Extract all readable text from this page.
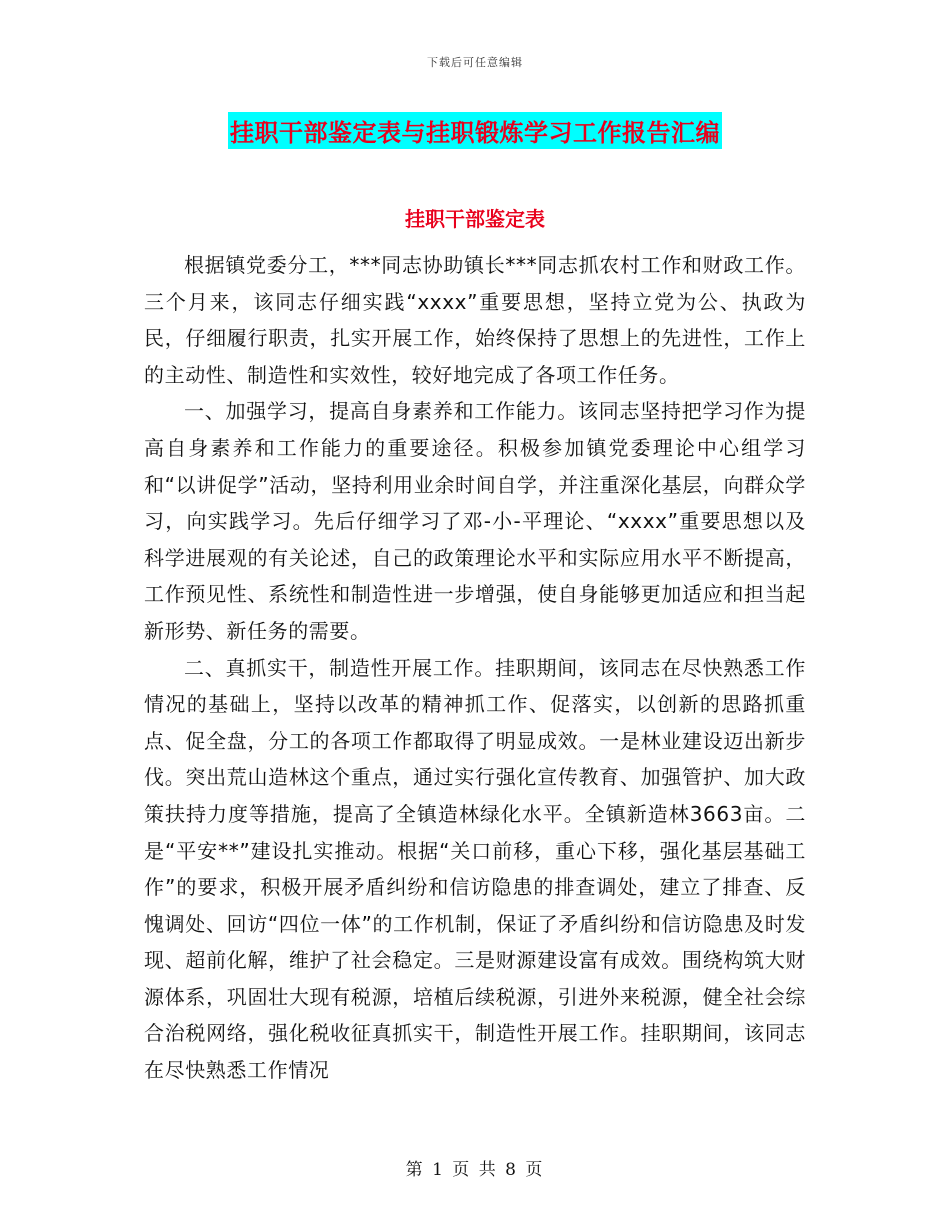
下载后可任意编辑
挂职干部鉴定表与挂职锻炼学习工作报告汇编
挂职干部鉴定表

根据镇党委分工，***同志协助镇长***同志抓农村工作和财政工作。三个月来，该同志仔细实践“xxxx”重要思想，坚持立党为公、执政为民，仔细履行职责，扎实开展工作，始终保持了思想上的先进性，工作上的主动性、制造性和实效性，较好地完成了各项工作任务。

一、加强学习，提高自身素养和工作能力。该同志坚持把学习作为提高自身素养和工作能力的重要途径。积极参加镇党委理论中心组学习和“以讲促学”活动，坚持利用业余时间自学，并注重深化基层，向群众学习，向实践学习。先后仔细学习了邓-小-平理论、“xxxx”重要思想以及科学进展观的有关论述，自己的政策理论水平和实际应用水平不断提高，工作预见性、系统性和制造性进一步增强，使自身能够更加适应和担当起新形势、新任务的需要。

二、真抓实干，制造性开展工作。挂职期间，该同志在尽快熟悉工作情况的基础上，坚持以改革的精神抓工作、促落实，以创新的思路抓重点、促全盘，分工的各项工作都取得了明显成效。一是林业建设迈出新步伐。突出荒山造林这个重点，通过实行强化宣传教育、加强管护、加大政策扶持力度等措施，提高了全镇造林绿化水平。全镇新造林3663亩。二是“平安**”建设扎实推动。根据“关口前移，重心下移，强化基层基础工作”的要求，积极开展矛盾纠纷和信访隐患的排查调处，建立了排查、反愧调处、回访“四位一体”的工作机制，保证了矛盾纠纷和信访隐患及时发现、超前化解，维护了社会稳定。三是财源建设富有成效。围绕构筑大财源体系，巩固壮大现有税源，培植后续税源，引进外来税源，健全社会综合治税网络，强化税收征真抓实干，制造性开展工作。挂职期间，该同志在尽快熟悉工作情况

第 1 页 共 8 页
